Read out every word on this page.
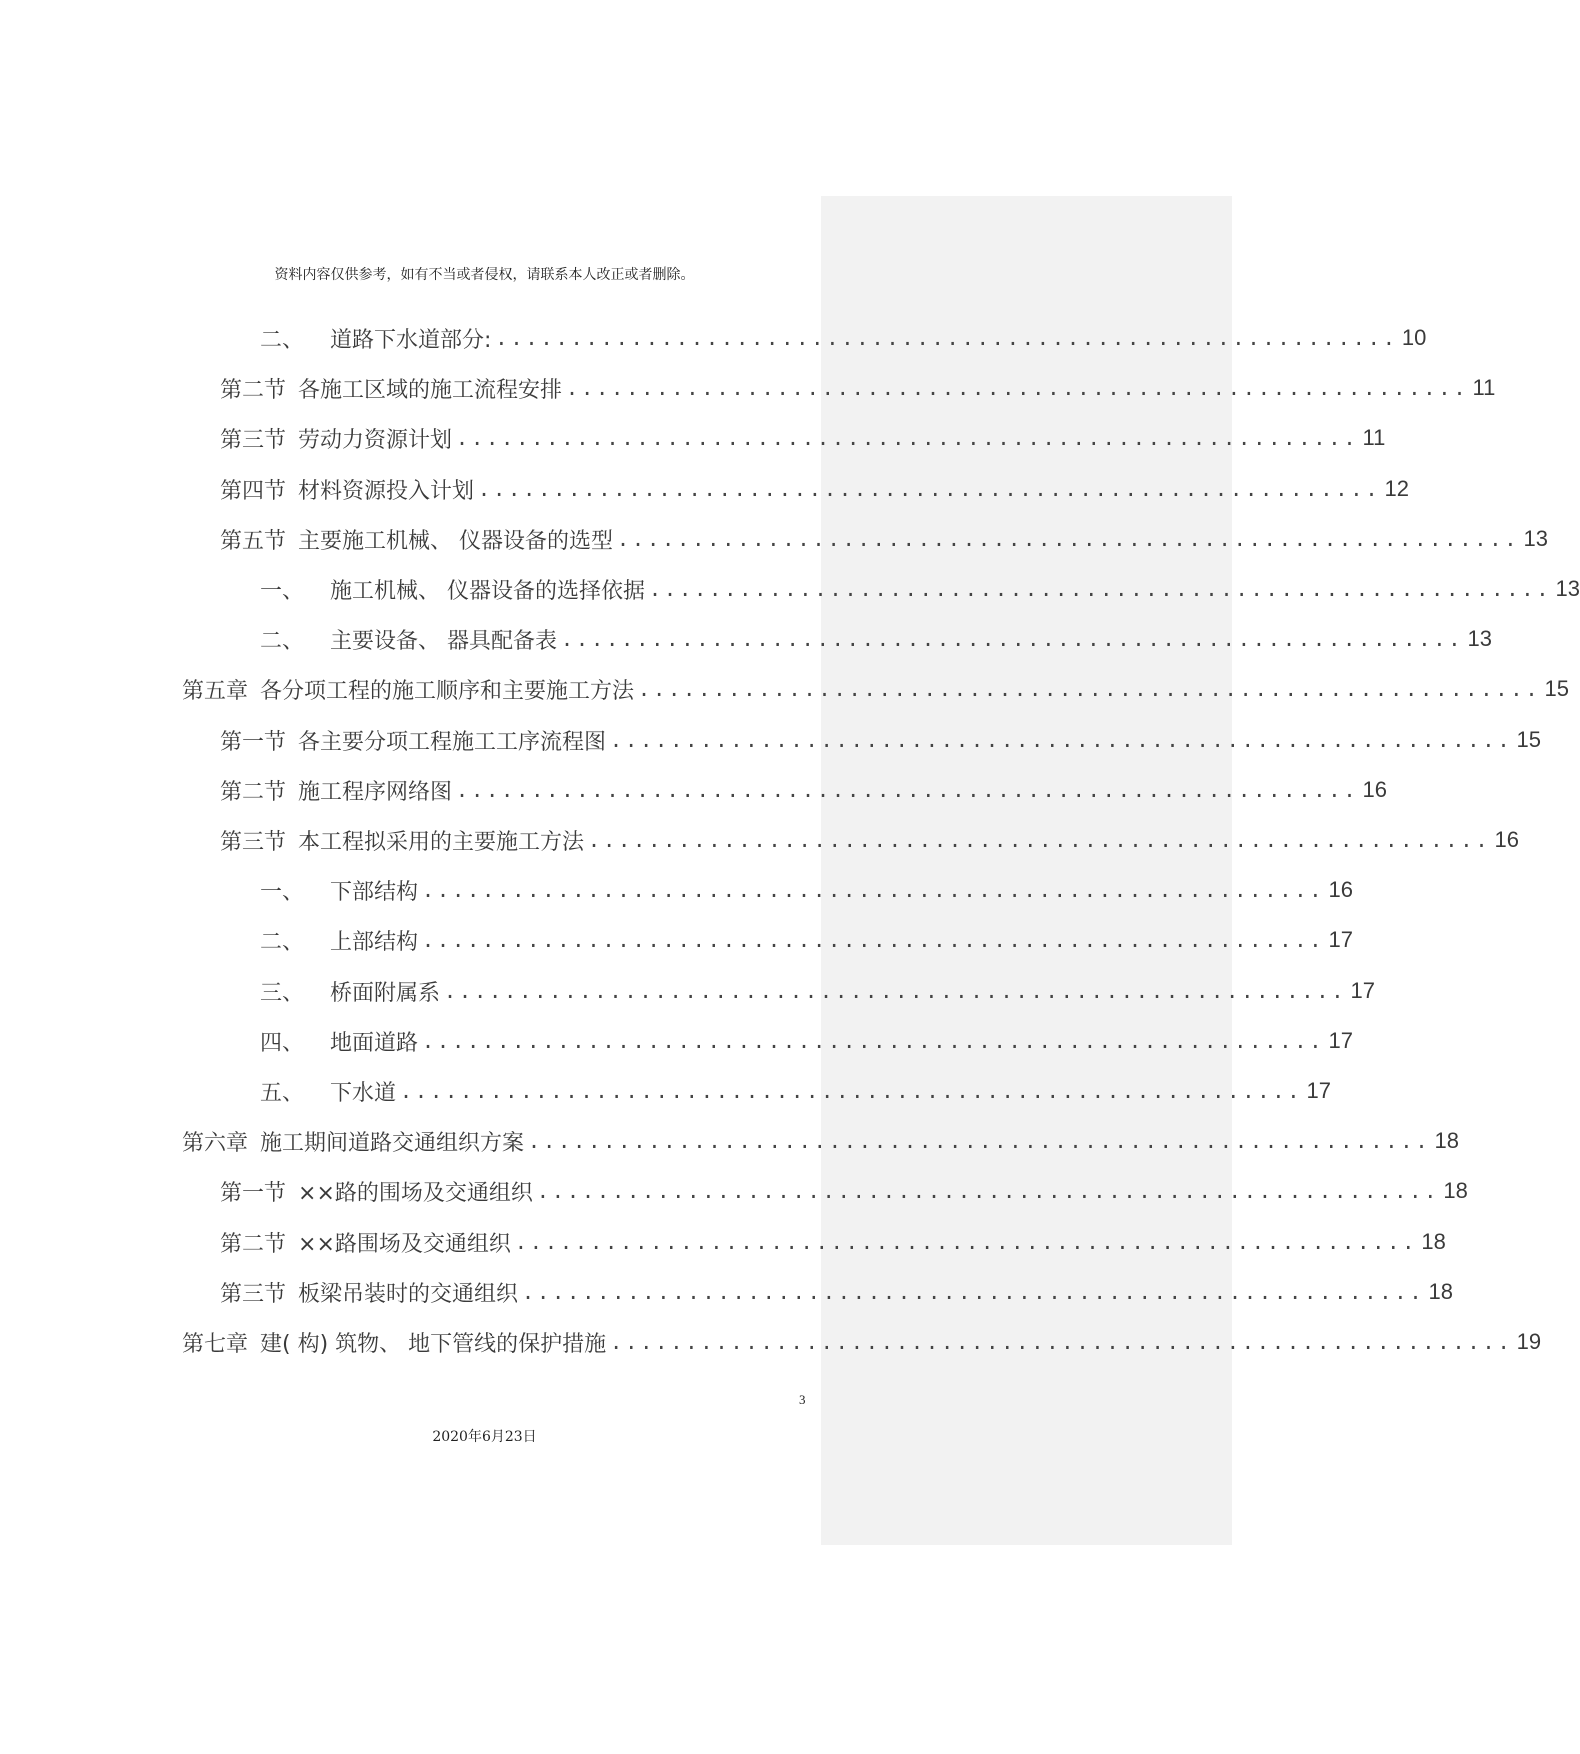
资料内容仅供参考，如有不当或者侵权，请联系本人改正或者删除。
二、	道路下水道部分: ............................................................ 10
第二节 各施工区域的施工流程安排 ............................................................ 11
第三节 劳动力资源计划 ............................................................ 11
第四节 材料资源投入计划 ............................................................ 12
第五节 主要施工机械、 仪器设备的选型 ............................................................ 13
一、	施工机械、 仪器设备的选择依据 ............................................................ 13
二、	主要设备、 器具配备表 ............................................................ 13
第五章 各分项工程的施工顺序和主要施工方法 ............................................................ 15
第一节 各主要分项工程施工工序流程图 ............................................................ 15
第二节 施工程序网络图 ............................................................ 16
第三节 本工程拟采用的主要施工方法 ............................................................ 16
一、	下部结构 ............................................................ 16
二、	上部结构 ............................................................ 17
三、	桥面附属系 ............................................................ 17
四、	地面道路 ............................................................ 17
五、	下水道 ............................................................ 17
第六章 施工期间道路交通组织方案 ............................................................ 18
第一节 ××路的围场及交通组织 ............................................................ 18
第二节 ××路围场及交通组织 ............................................................ 18
第三节 板梁吊装时的交通组织 ............................................................ 18
第七章 建( 构) 筑物、 地下管线的保护措施 ............................................................ 19
3
2020年6月23日
